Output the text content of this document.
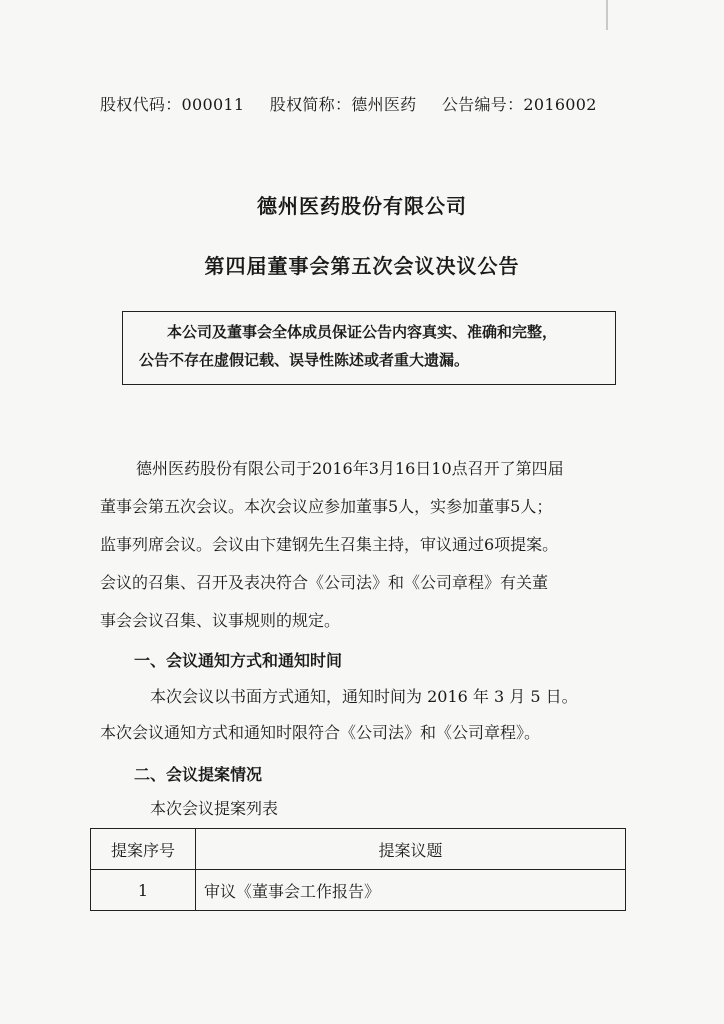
股权代码：000011 股权简称：德州医药 公告编号：2016002
德州医药股份有限公司
第四届董事会第五次会议决议公告
本公司及董事会全体成员保证公告内容真实、准确和完整，
公告不存在虚假记载、误导性陈述或者重大遗漏。
德州医药股份有限公司于2016年3月16日10点召开了第四届
董事会第五次会议。本次会议应参加董事5人，实参加董事5人；
监事列席会议。会议由卞建钢先生召集主持，审议通过6项提案。
会议的召集、召开及表决符合《公司法》和《公司章程》有关董
事会会议召集、议事规则的规定。
一、会议通知方式和通知时间
本次会议以书面方式通知，通知时间为 2016 年 3 月 5 日。
本次会议通知方式和通知时限符合《公司法》和《公司章程》。
二、会议提案情况
本次会议提案列表
提案序号	提案议题
1	审议《董事会工作报告》
